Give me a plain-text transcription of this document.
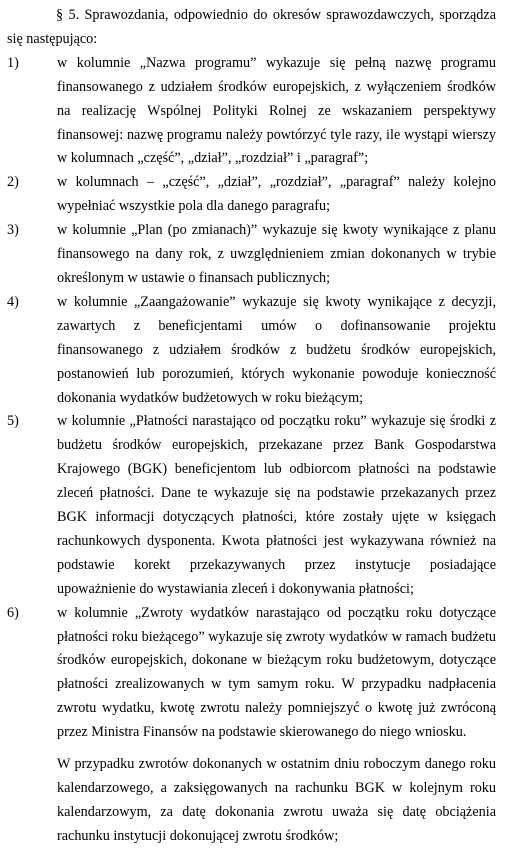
§ 5. Sprawozdania, odpowiednio do okresów sprawozdawczych, sporządza się następująco:

1)	w kolumnie „Nazwa programu” wykazuje się pełną nazwę programu finansowanego z udziałem środków europejskich, z wyłączeniem środków na realizację Wspólnej Polityki Rolnej ze wskazaniem perspektywy finansowej: nazwę programu należy powtórzyć tyle razy, ile wystąpi wierszy w kolumnach „część”, „dział”, „rozdział” i „paragraf”;
2)	w kolumnach – „część”, „dział”, „rozdział”, „paragraf” należy kolejno wypełniać wszystkie pola dla danego paragrafu;
3)	w kolumnie „Plan (po zmianach)” wykazuje się kwoty wynikające z planu finansowego na dany rok, z uwzględnieniem zmian dokonanych w trybie określonym w ustawie o finansach publicznych;
4)	w kolumnie „Zaangażowanie” wykazuje się kwoty wynikające z decyzji, zawartych z beneficjentami umów o dofinansowanie projektu finansowanego z udziałem środków z budżetu środków europejskich, postanowień lub porozumień, których wykonanie powoduje konieczność dokonania wydatków budżetowych w roku bieżącym;
5)	w kolumnie „Płatności narastająco od początku roku” wykazuje się środki z budżetu środków europejskich, przekazane przez Bank Gospodarstwa Krajowego (BGK) beneficjentom lub odbiorcom płatności na podstawie zleceń płatności. Dane te wykazuje się na podstawie przekazanych przez BGK informacji dotyczących płatności, które zostały ujęte w księgach rachunkowych dysponenta. Kwota płatności jest wykazywana również na podstawie korekt przekazywanych przez instytucje posiadające upoważnienie do wystawiania zleceń i dokonywania płatności;
6)	w kolumnie „Zwroty wydatków narastająco od początku roku dotyczące płatności roku bieżącego” wykazuje się zwroty wydatków w ramach budżetu środków europejskich, dokonane w bieżącym roku budżetowym, dotyczące płatności zrealizowanych w tym samym roku. W przypadku nadpłacenia zwrotu wydatku, kwotę zwrotu należy pomniejszyć o kwotę już zwróconą przez Ministra Finansów na podstawie skierowanego do niego wniosku.

W przypadku zwrotów dokonanych w ostatnim dniu roboczym danego roku kalendarzowego, a zaksięgowanych na rachunku BGK w kolejnym roku kalendarzowym, za datę dokonania zwrotu uważa się datę obciążenia rachunku instytucji dokonującej zwrotu środków;
